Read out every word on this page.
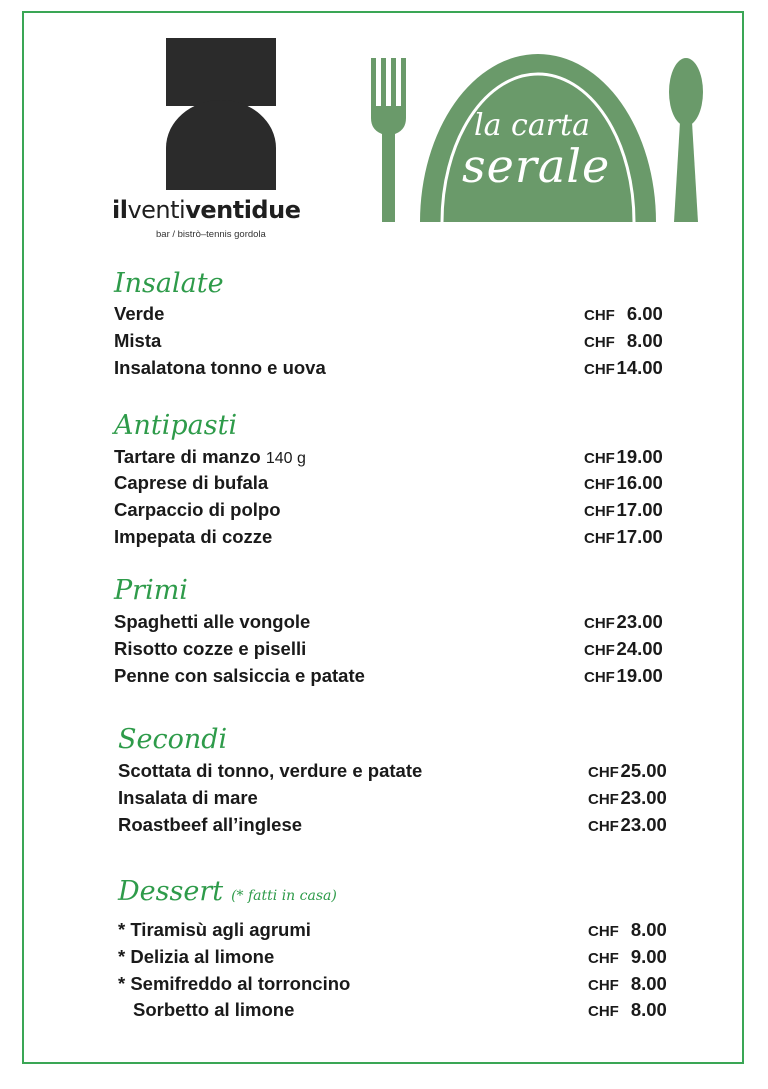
ilventiventidue
bar / bistrò–tennis gordola
la carta
serale
Insalate
Verde	CHF 6.00
Mista	CHF 8.00
Insalatona tonno e uova	CHF14.00
Antipasti
Tartare di manzo 140 g	CHF19.00
Caprese di bufala	CHF16.00
Carpaccio di polpo	CHF17.00
Impepata di cozze	CHF17.00
Primi
Spaghetti alle vongole	CHF23.00
Risotto cozze e piselli	CHF24.00
Penne con salsiccia e patate	CHF19.00
Secondi
Scottata di tonno, verdure e patate	CHF25.00
Insalata di mare	CHF23.00
Roastbeef all’inglese	CHF23.00
Dessert (* fatti in casa)
* Tiramisù agli agrumi	CHF 8.00
* Delizia al limone	CHF 9.00
* Semifreddo al torroncino	CHF 8.00
Sorbetto al limone	CHF 8.00
